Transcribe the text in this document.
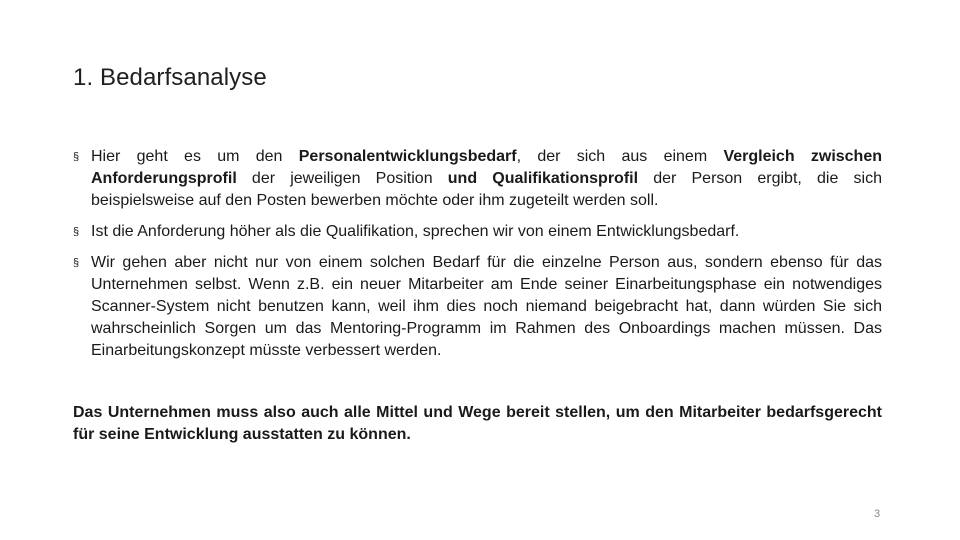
1. Bedarfsanalyse
§ Hier geht es um den Personalentwicklungsbedarf, der sich aus einem Vergleich zwischen Anforderungsprofil der jeweiligen Position und Qualifikationsprofil der Person ergibt, die sich beispielsweise auf den Posten bewerben möchte oder ihm zugeteilt werden soll.
§ Ist die Anforderung höher als die Qualifikation, sprechen wir von einem Entwicklungsbedarf.
§ Wir gehen aber nicht nur von einem solchen Bedarf für die einzelne Person aus, sondern ebenso für das Unternehmen selbst. Wenn z.B. ein neuer Mitarbeiter am Ende seiner Einarbeitungsphase ein notwendiges Scanner-System nicht benutzen kann, weil ihm dies noch niemand beigebracht hat, dann würden Sie sich wahrscheinlich Sorgen um das Mentoring-Programm im Rahmen des Onboardings machen müssen. Das Einarbeitungskonzept müsste verbessert werden.

Das Unternehmen muss also auch alle Mittel und Wege bereit stellen, um den Mitarbeiter bedarfsgerecht für seine Entwicklung ausstatten zu können.

3
